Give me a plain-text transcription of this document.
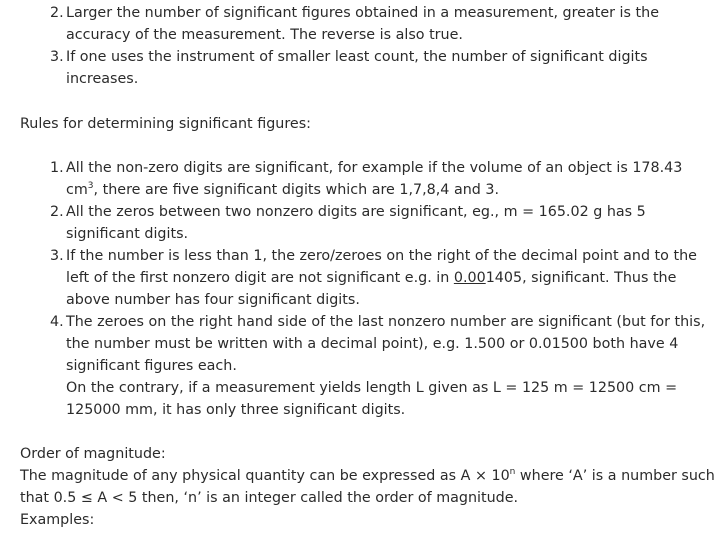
2. Larger the number of significant figures obtained in a measurement, greater is the accuracy of the measurement. The reverse is also true.
3. If one uses the instrument of smaller least count, the number of significant digits increases.

Rules for determining significant figures:

1. All the non-zero digits are significant, for example if the volume of an object is 178.43 $cm^3$, there are five significant digits which are 1,7,8,4 and 3.
2. All the zeros between two nonzero digits are significant, eg., m = 165.02 g has 5 significant digits.
3. If the number is less than 1, the zero/zeroes on the right of the decimal point and to the left of the first nonzero digit are not significant e.g. in 0.001405, significant. Thus the above number has four significant digits.
4. The zeroes on the right hand side of the last nonzero number are significant (but for this, the number must be written with a decimal point), e.g. 1.500 or 0.01500 both have 4 significant figures each.
On the contrary, if a measurement yields length L given as L = 125 m = 12500 cm = 125000 mm, it has only three significant digits.

Order of magnitude:

The magnitude of any physical quantity can be expressed as $A \times 10^n$ where ‘A’ is a number such that 0.5 ≤ A < 5 then, ‘n’ is an integer called the order of magnitude.

Examples:
